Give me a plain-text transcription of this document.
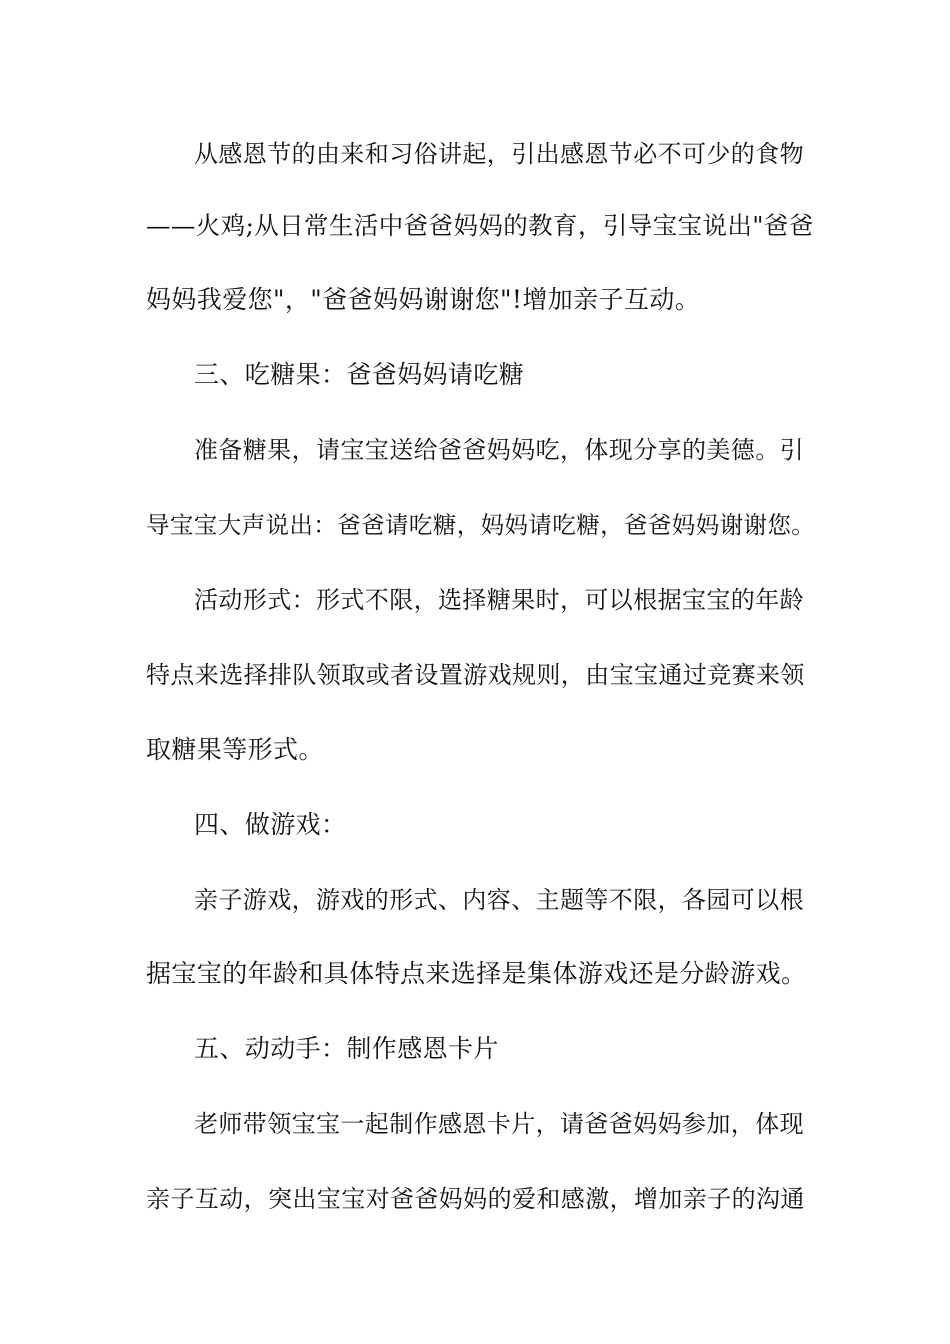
从感恩节的由来和习俗讲起，引出感恩节必不可少的食物
——火鸡;从日常生活中爸爸妈妈的教育，引导宝宝说出"爸爸
妈妈我爱您"，"爸爸妈妈谢谢您"!增加亲子互动。
三、吃糖果：爸爸妈妈请吃糖
准备糖果，请宝宝送给爸爸妈妈吃，体现分享的美德。引
导宝宝大声说出：爸爸请吃糖，妈妈请吃糖，爸爸妈妈谢谢您。
活动形式：形式不限，选择糖果时，可以根据宝宝的年龄
特点来选择排队领取或者设置游戏规则，由宝宝通过竞赛来领
取糖果等形式。
四、做游戏：
亲子游戏，游戏的形式、内容、主题等不限，各园可以根
据宝宝的年龄和具体特点来选择是集体游戏还是分龄游戏。
五、动动手：制作感恩卡片
老师带领宝宝一起制作感恩卡片，请爸爸妈妈参加，体现
亲子互动，突出宝宝对爸爸妈妈的爱和感激，增加亲子的沟通
